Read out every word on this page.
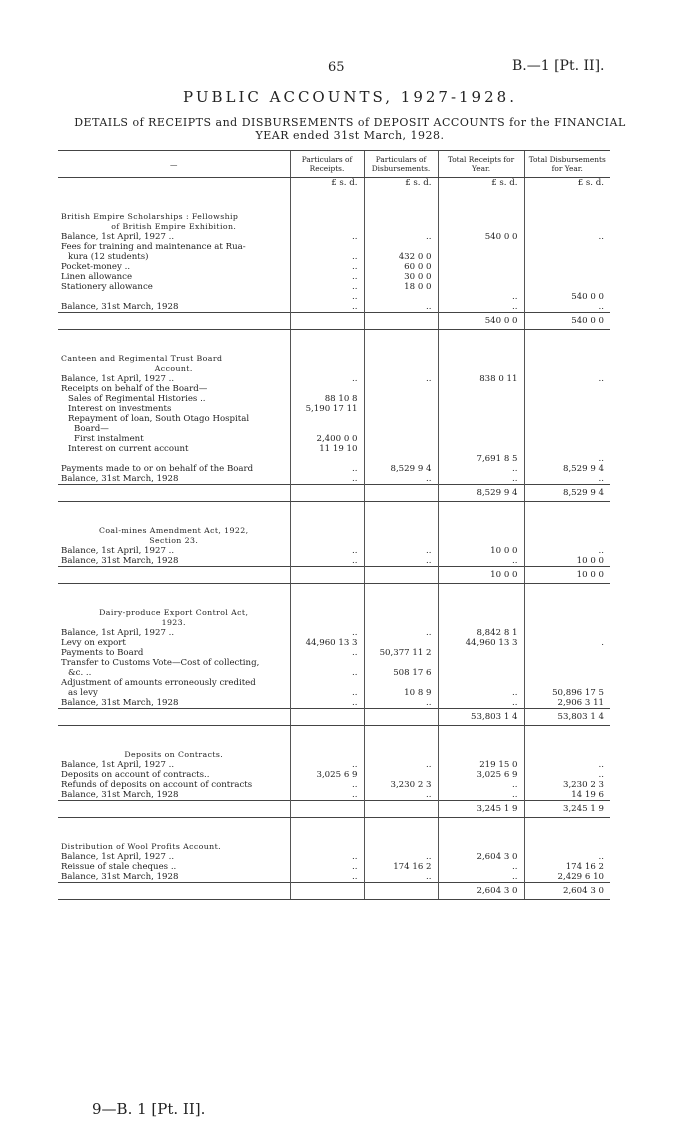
65	B.—1 [Pt. II].
PUBLIC ACCOUNTS, 1927-1928.
DETAILS of RECEIPTS and DISBURSEMENTS of DEPOSIT ACCOUNTS for the FINANCIAL YEAR ended 31st March, 1928.
—	Particulars of Receipts.	Particulars of Disbursements.	Total Receipts for Year.	Total Disbursements for Year.
	£ s. d.	£ s. d.	£ s. d.	£ s. d.

British Empire Scholarships : Fellowship				
of British Empire Exhibition.				
Balance, 1st April, 1927 ..	..	..	540 0 0	..
Fees for training and maintenance at Rua-				
kura (12 students)	..	432 0 0		
Pocket-money ..	..	60 0 0		
Linen allowance	..	30 0 0		
Stationery allowance	..	18 0 0		
	..		..	540 0 0
Balance, 31st March, 1928	..	..	..	..
			540 0 0	540 0 0

Canteen and Regimental Trust Board				
Account.				
Balance, 1st April, 1927 ..	..	..	838 0 11	..
Receipts on behalf of the Board—				
Sales of Regimental Histories ..	88 10 8			
Interest on investments	5,190 17 11			
Repayment of loan, South Otago Hospital				
Board—				
First instalment	2,400 0 0			
Interest on current account	11 19 10			
			7,691 8 5	..
Payments made to or on behalf of the Board	..	8,529 9 4	..	8,529 9 4
Balance, 31st March, 1928	..	..	..	..
			8,529 9 4	8,529 9 4

Coal-mines Amendment Act, 1922,				
Section 23.				
Balance, 1st April, 1927 ..	..	..	10 0 0	..
Balance, 31st March, 1928	..	..	..	10 0 0
			10 0 0	10 0 0

Dairy-produce Export Control Act,				
1923.				
Balance, 1st April, 1927 ..	..	..	8,842 8 1	
Levy on export	44,960 13 3		44,960 13 3	.
Payments to Board	..	50,377 11 2		
Transfer to Customs Vote—Cost of collecting,				
&c. ..	..	508 17 6		
Adjustment of amounts erroneously credited				
as levy	..	10 8 9	..	50,896 17 5
Balance, 31st March, 1928	..	..	..	2,906 3 11
			53,803 1 4	53,803 1 4

Deposits on Contracts.				
Balance, 1st April, 1927 ..	..	..	219 15 0	..
Deposits on account of contracts..	3,025 6 9		3,025 6 9	..
Refunds of deposits on account of contracts	..	3,230 2 3	..	3,230 2 3
Balance, 31st March, 1928	..	..	..	14 19 6
			3,245 1 9	3,245 1 9

Distribution of Wool Profits Account.				
Balance, 1st April, 1927 ..	..	..	2,604 3 0	..
Reissue of stale cheques ..	..	174 16 2	..	174 16 2
Balance, 31st March, 1928	..	..	..	2,429 6 10
			2,604 3 0	2,604 3 0
9—B. 1 [Pt. II].
